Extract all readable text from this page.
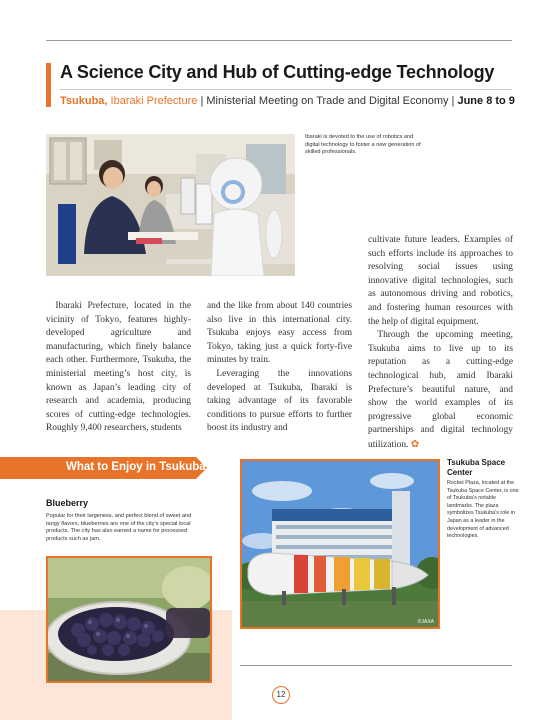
A Science City and Hub of Cutting-edge Technology
Tsukuba, Ibaraki Prefecture | Ministerial Meeting on Trade and Digital Economy | June 8 to 9
Ibaraki is devoted to the use of robotics and digital technology to foster a new generation of skilled professionals.

Ibaraki Prefecture, located in the vicinity of Tokyo, features highly-developed agriculture and manufacturing, which finely balance each other. Furthermore, Tsukuba, the ministerial meeting’s host city, is known as Japan’s leading city of research and academia, producing scores of cutting-edge technologies. Roughly 9,400 researchers, students

and the like from about 140 countries also live in this international city. Tsukuba enjoys easy access from Tokyo, taking just a quick forty-five minutes by train.

Leveraging the innovations developed at Tsukuba, Ibaraki is taking advantage of its favorable conditions to pursue efforts to further boost its industry and

cultivate future leaders. Examples of such efforts include its approaches to resolving social issues using innovative digital technologies, such as autonomous driving and robotics, and fostering human resources with the help of digital equipment.

Through the upcoming meeting, Tsukuba aims to live up to its reputation as a cutting-edge technological hub, amid Ibaraki Prefecture’s beautiful nature, and show the world examples of its progressive global economic partnerships and digital technology utilization. ✿

What to Enjoy in Tsukuba
Blueberry
Popular for their largeness, and perfect blend of sweet and tangy flavors, blueberries are one of the city’s special local products. The city has also earned a name for processed products such as jam.
©JAXA
Tsukuba Space Center
Rocket Plaza, located at the Tsukuba Space Center, is one of Tsukuba’s notable landmarks. The plaza symbolizes Tsukuba’s role in Japan as a leader in the development of advanced technologies.
12
